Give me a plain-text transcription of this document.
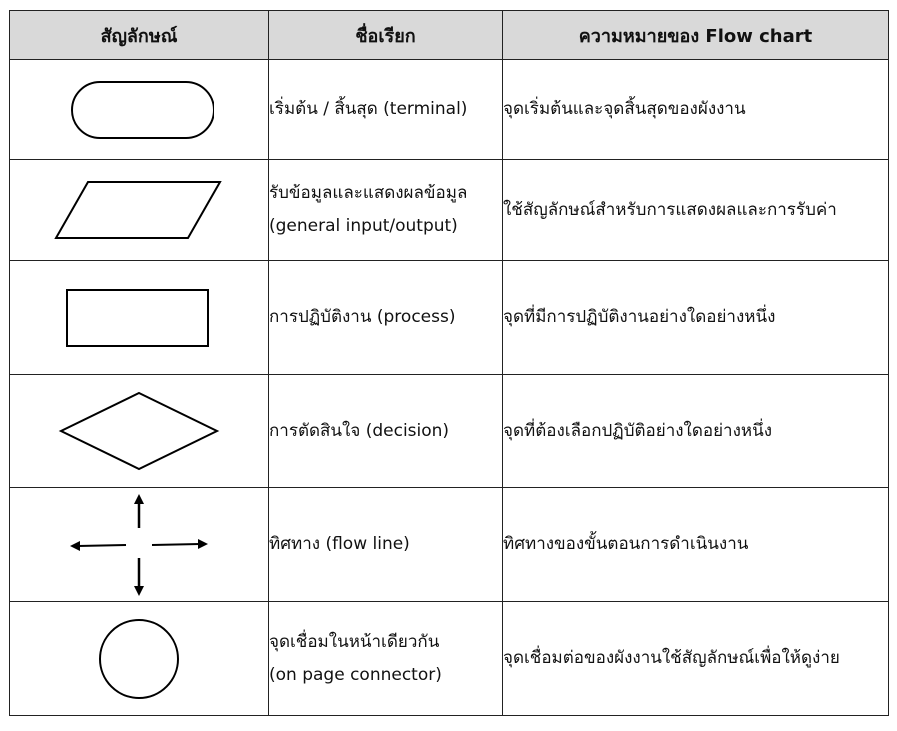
สัญลักษณ์	ชื่อเรียก	ความหมายของ Flow chart

เริ่มต้น / สิ้นสุด (terminal)	จุดเริ่มต้นและจุดสิ้นสุดของผังงาน

รับข้อมูลและแสดงผลข้อมูล
(general input/output)	ใช้สัญลักษณ์สำหรับการแสดงผลและการรับค่า

การปฏิบัติงาน (process)	จุดที่มีการปฏิบัติงานอย่างใดอย่างหนึ่ง

การตัดสินใจ (decision)	จุดที่ต้องเลือกปฏิบัติอย่างใดอย่างหนึ่ง

ทิศทาง (flow line)	ทิศทางของขั้นตอนการดำเนินงาน

จุดเชื่อมในหน้าเดียวกัน
(on page connector)	จุดเชื่อมต่อของผังงานใช้สัญลักษณ์เพื่อให้ดูง่าย
